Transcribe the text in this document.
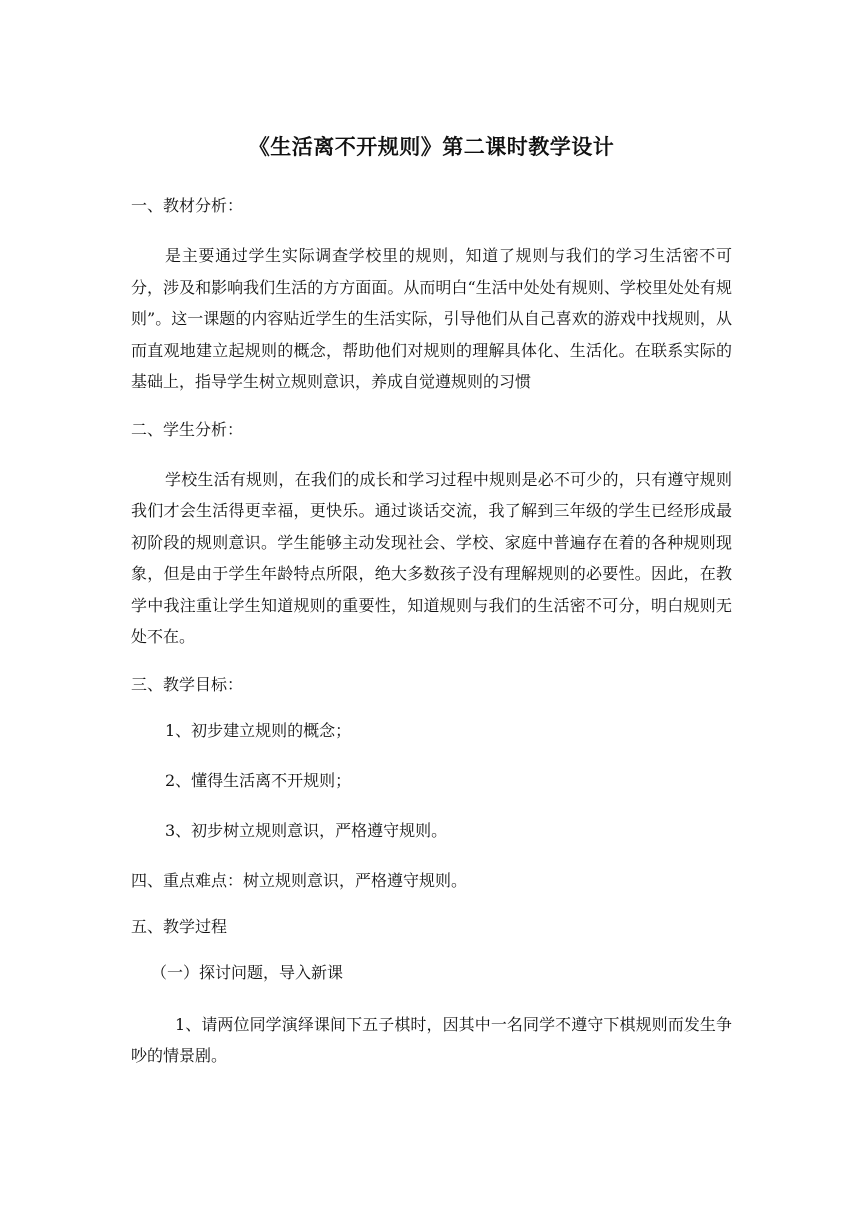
《生活离不开规则》第二课时教学设计
一、教材分析：

是主要通过学生实际调查学校里的规则，知道了规则与我们的学习生活密不可分，涉及和影响我们生活的方方面面。从而明白“生活中处处有规则、学校里处处有规则”。这一课题的内容贴近学生的生活实际，引导他们从自己喜欢的游戏中找规则，从而直观地建立起规则的概念，帮助他们对规则的理解具体化、生活化。在联系实际的基础上，指导学生树立规则意识，养成自觉遵规则的习惯

二、学生分析：

学校生活有规则，在我们的成长和学习过程中规则是必不可少的，只有遵守规则我们才会生活得更幸福，更快乐。通过谈话交流，我了解到三年级的学生已经形成最初阶段的规则意识。学生能够主动发现社会、学校、家庭中普遍存在着的各种规则现象，但是由于学生年龄特点所限，绝大多数孩子没有理解规则的必要性。因此，在教学中我注重让学生知道规则的重要性，知道规则与我们的生活密不可分，明白规则无处不在。

三、教学目标：
1、初步建立规则的概念；
2、懂得生活离不开规则；
3、初步树立规则意识，严格遵守规则。
四、重点难点：树立规则意识，严格遵守规则。
五、教学过程
（一）探讨问题，导入新课

1、请两位同学演绎课间下五子棋时，因其中一名同学不遵守下棋规则而发生争吵的情景剧。
